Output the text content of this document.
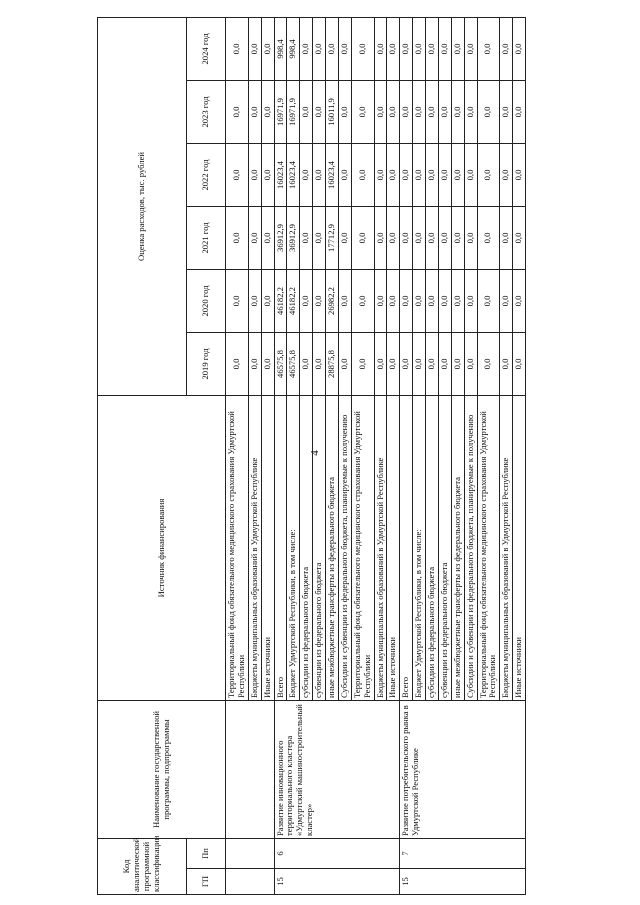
4
Код аналитической программной классификации		Наименование государственной программы, подпрограммы	Источник финансирования	Оценка расходов, тыс. рублей					
ГП	Пп			2019 год	2020 год	2021 год	2022 год	2023 год	2024 год
			Территориальный фонд обязательного медицинского страхования Удмуртской Республики	0,0	0,0	0,0	0,0	0,0	0,0
			Бюджеты муниципальных образований в Удмуртской Республике	0,0	0,0	0,0	0,0	0,0	0,0
			Иные источники	0,0	0,0	0,0	0,0	0,0	0,0
15	6	Развитие инновационного территориального кластера «Удмуртский машиностроительный кластер»	Всего	46575,8	46182,2	36912,9	16023,4	16971,9	998,4
			Бюджет Удмуртской Республики, в том числе:	46575,8	46182,2	36912,9	16023,4	16971,9	998,4
			субсидии из федерального бюджета	0,0	0,0	0,0	0,0	0,0	0,0
			субвенции из федерального бюджета	0,0	0,0	0,0	0,0	0,0	0,0
			иные межбюджетные трансферты из федерального бюджета	28875,8	26982,2	17712,9	16023,4	16011,9	0,0
			Субсидии и субвенции из федерального бюджета, планируемые к получению	0,0	0,0	0,0	0,0	0,0	0,0
			Территориальный фонд обязательного медицинского страхования Удмуртской Республики	0,0	0,0	0,0	0,0	0,0	0,0
			Бюджеты муниципальных образований в Удмуртской Республике	0,0	0,0	0,0	0,0	0,0	0,0
			Иные источники	0,0	0,0	0,0	0,0	0,0	0,0
15	7	Развитие потребительского рынка в Удмуртской Республике	Всего	0,0	0,0	0,0	0,0	0,0	0,0
			Бюджет Удмуртской Республики, в том числе:	0,0	0,0	0,0	0,0	0,0	0,0
			субсидии из федерального бюджета	0,0	0,0	0,0	0,0	0,0	0,0
			субвенции из федерального бюджета	0,0	0,0	0,0	0,0	0,0	0,0
			иные межбюджетные трансферты из федерального бюджета	0,0	0,0	0,0	0,0	0,0	0,0
			Субсидии и субвенции из федерального бюджета, планируемые к получению	0,0	0,0	0,0	0,0	0,0	0,0
			Территориальный фонд обязательного медицинского страхования Удмуртской Республики	0,0	0,0	0,0	0,0	0,0	0,0
			Бюджеты муниципальных образований в Удмуртской Республике	0,0	0,0	0,0	0,0	0,0	0,0
			Иные источники	0,0	0,0	0,0	0,0	0,0	0,0
